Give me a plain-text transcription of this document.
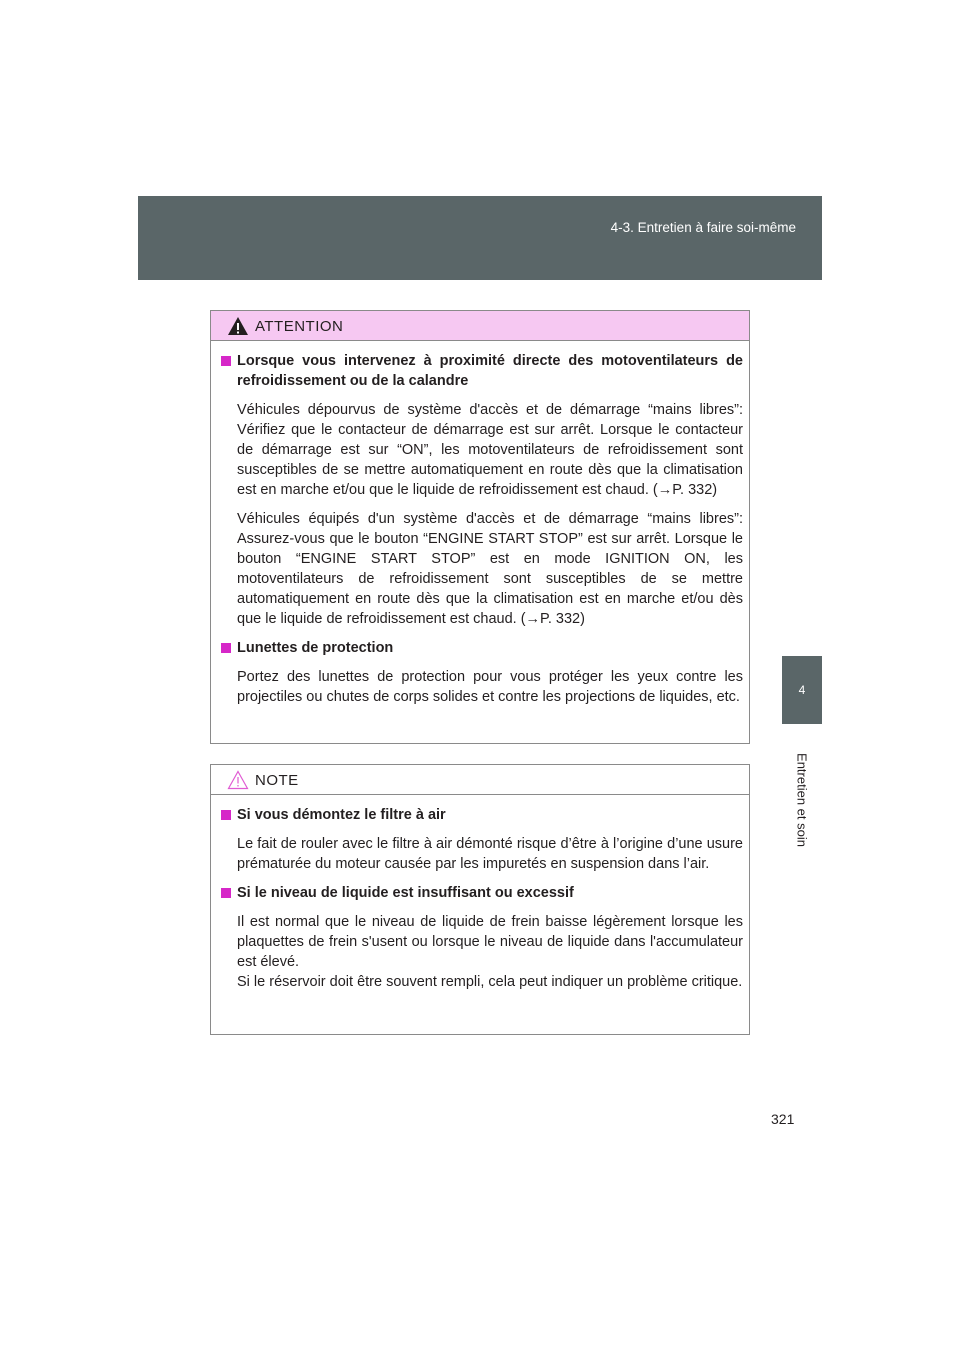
4-3. Entretien à faire soi-même
4
Entretien et soin
ATTENTION
Lorsque vous intervenez à proximité directe des motoventilateurs de refroidissement ou de la calandre
Véhicules dépourvus de système d'accès et de démarrage “mains libres”: Vérifiez que le contacteur de démarrage est sur arrêt. Lorsque le contacteur de démarrage est sur “ON”, les motoventilateurs de refroidissement sont susceptibles de se mettre automatiquement en route dès que la climatisation est en marche et/ou que le liquide de refroidissement est chaud. (→P. 332)
Véhicules équipés d'un système d'accès et de démarrage “mains libres”: Assurez-vous que le bouton “ENGINE START STOP” est sur arrêt. Lorsque le bouton “ENGINE START STOP” est en mode IGNITION ON, les motoventilateurs de refroidissement sont susceptibles de se mettre automatiquement en route dès que la climatisation est en marche et/ou dès que le liquide de refroidissement est chaud. (→P. 332)
Lunettes de protection
Portez des lunettes de protection pour vous protéger les yeux contre les projectiles ou chutes de corps solides et contre les projections de liquides, etc.
NOTE
Si vous démontez le filtre à air
Le fait de rouler avec le filtre à air démonté risque d’être à l’origine d’une usure prématurée du moteur causée par les impuretés en suspension dans l’air.
Si le niveau de liquide est insuffisant ou excessif
Il est normal que le niveau de liquide de frein baisse légèrement lorsque les plaquettes de frein s'usent ou lorsque le niveau de liquide dans l'accumulateur est élevé.
Si le réservoir doit être souvent rempli, cela peut indiquer un problème critique.
321
